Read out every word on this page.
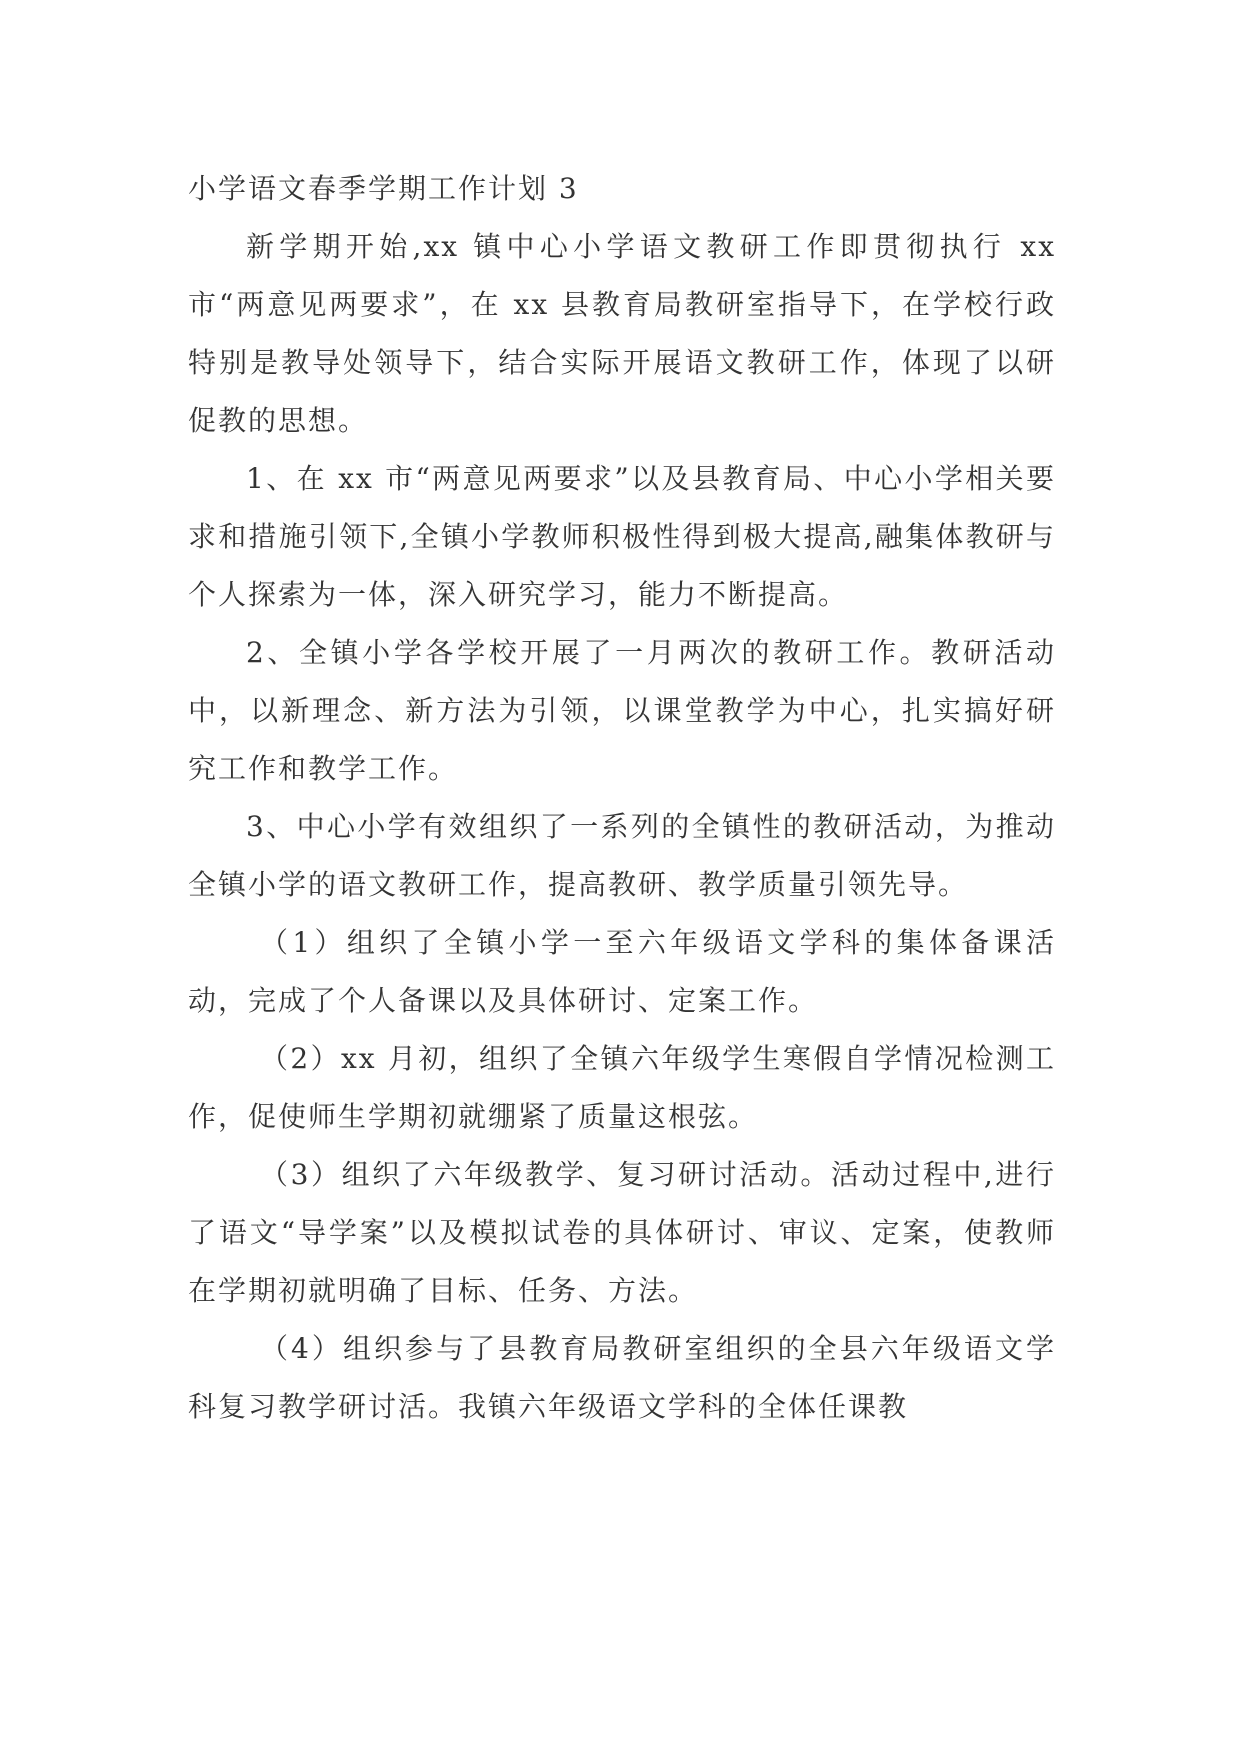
小学语文春季学期工作计划 3

新学期开始,xx 镇中心小学语文教研工作即贯彻执行 xx 市“两意见两要求”，在 xx 县教育局教研室指导下，在学校行政特别是教导处领导下，结合实际开展语文教研工作，体现了以研促教的思想。

1、在 xx 市“两意见两要求”以及县教育局、中心小学相关要求和措施引领下,全镇小学教师积极性得到极大提高,融集体教研与个人探索为一体，深入研究学习，能力不断提高。

2、全镇小学各学校开展了一月两次的教研工作。教研活动中，以新理念、新方法为引领，以课堂教学为中心，扎实搞好研究工作和教学工作。

3、中心小学有效组织了一系列的全镇性的教研活动，为推动全镇小学的语文教研工作，提高教研、教学质量引领先导。

（1）组织了全镇小学一至六年级语文学科的集体备课活动，完成了个人备课以及具体研讨、定案工作。

（2）xx 月初，组织了全镇六年级学生寒假自学情况检测工作，促使师生学期初就绷紧了质量这根弦。

（3）组织了六年级教学、复习研讨活动。活动过程中,进行了语文“导学案”以及模拟试卷的具体研讨、审议、定案，使教师在学期初就明确了目标、任务、方法。

（4）组织参与了县教育局教研室组织的全县六年级语文学科复习教学研讨活。我镇六年级语文学科的全体任课教
